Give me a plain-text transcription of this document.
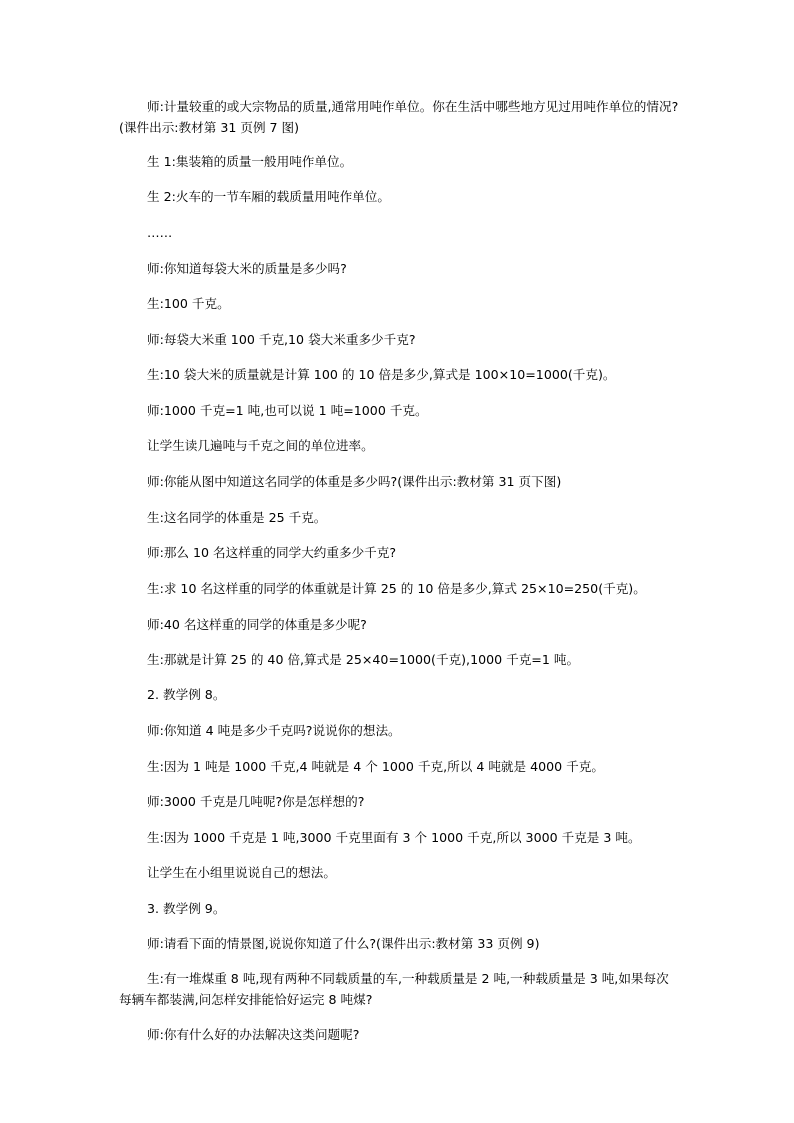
师:计量较重的或大宗物品的质量,通常用吨作单位。你在生活中哪些地方见过用吨作单位的情况?(课件出示:教材第 31 页例 7 图)

生 1:集装箱的质量一般用吨作单位。

生 2:火车的一节车厢的载质量用吨作单位。

……

师:你知道每袋大米的质量是多少吗?

生:100 千克。

师:每袋大米重 100 千克,10 袋大米重多少千克?

生:10 袋大米的质量就是计算 100 的 10 倍是多少,算式是 100×10=1000(千克)。

师:1000 千克=1 吨,也可以说 1 吨=1000 千克。

让学生读几遍吨与千克之间的单位进率。

师:你能从图中知道这名同学的体重是多少吗?(课件出示:教材第 31 页下图)

生:这名同学的体重是 25 千克。

师:那么 10 名这样重的同学大约重多少千克?

生:求 10 名这样重的同学的体重就是计算 25 的 10 倍是多少,算式 25×10=250(千克)。

师:40 名这样重的同学的体重是多少呢?

生:那就是计算 25 的 40 倍,算式是 25×40=1000(千克),1000 千克=1 吨。

2. 教学例 8。

师:你知道 4 吨是多少千克吗?说说你的想法。

生:因为 1 吨是 1000 千克,4 吨就是 4 个 1000 千克,所以 4 吨就是 4000 千克。

师:3000 千克是几吨呢?你是怎样想的?

生:因为 1000 千克是 1 吨,3000 千克里面有 3 个 1000 千克,所以 3000 千克是 3 吨。

让学生在小组里说说自己的想法。

3. 教学例 9。

师:请看下面的情景图,说说你知道了什么?(课件出示:教材第 33 页例 9)

生:有一堆煤重 8 吨,现有两种不同载质量的车,一种载质量是 2 吨,一种载质量是 3 吨,如果每次每辆车都装满,问怎样安排能恰好运完 8 吨煤?

师:你有什么好的办法解决这类问题呢?
